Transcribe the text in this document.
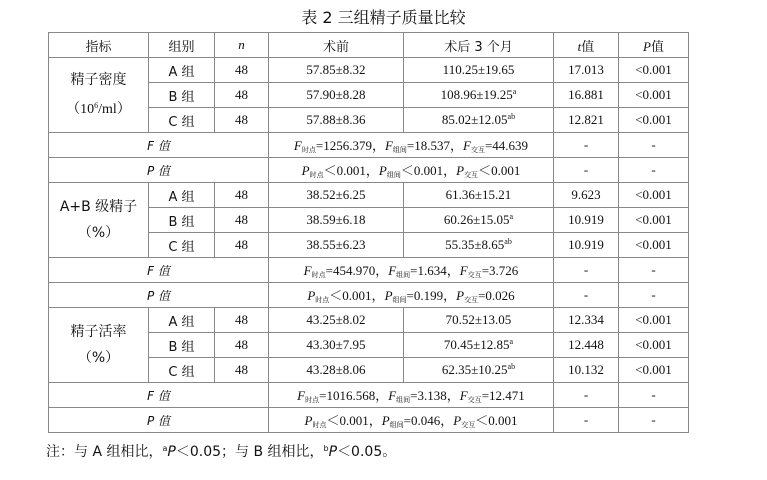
表 2 三组精子质量比较
指标	组别	n	术前	术后 3 个月	t值	P值
精子密度
$(10^6/ml)$	A 组	48	57.85±8.32	110.25±19.65	17.013	<0.001
	B 组	48	57.90±8.28	108.96±19.25$^a$	16.881	<0.001
	C 组	48	57.88±8.36	85.02±12.05$^{ab}$	12.821	<0.001
F 值			$F_{时点}=1256.379$，$F_{组间}=18.537$，$F_{交互}=44.639$		-	-
P 值			$P_{时点}<0.001$，$P_{组间}<0.001$，$P_{交互}<0.001$		-	-
A+B 级精子
（%）	A 组	48	38.52±6.25	61.36±15.21	9.623	<0.001
	B 组	48	38.59±6.18	60.26±15.05$^a$	10.919	<0.001
	C 组	48	38.55±6.23	55.35±8.65$^{ab}$	10.919	<0.001
F 值			$F_{时点}=454.970$，$F_{组间}=1.634$，$F_{交互}=3.726$		-	-
P 值			$P_{时点}<0.001$，$P_{组间}=0.199$，$P_{交互}=0.026$		-	-
精子活率
（%）	A 组	48	43.25±8.02	70.52±13.05	12.334	<0.001
	B 组	48	43.30±7.95	70.45±12.85$^a$	12.448	<0.001
	C 组	48	43.28±8.06	62.35±10.25$^{ab}$	10.132	<0.001
F 值			$F_{时点}=1016.568$，$F_{组间}=3.138$，$F_{交互}=12.471$		-	-
P 值			$P_{时点}<0.001$，$P_{组间}=0.046$，$P_{交互}<0.001$		-	-
注：与 A 组相比，$^a$P＜0.05；与 B 组相比，$^b$P＜0.05。
